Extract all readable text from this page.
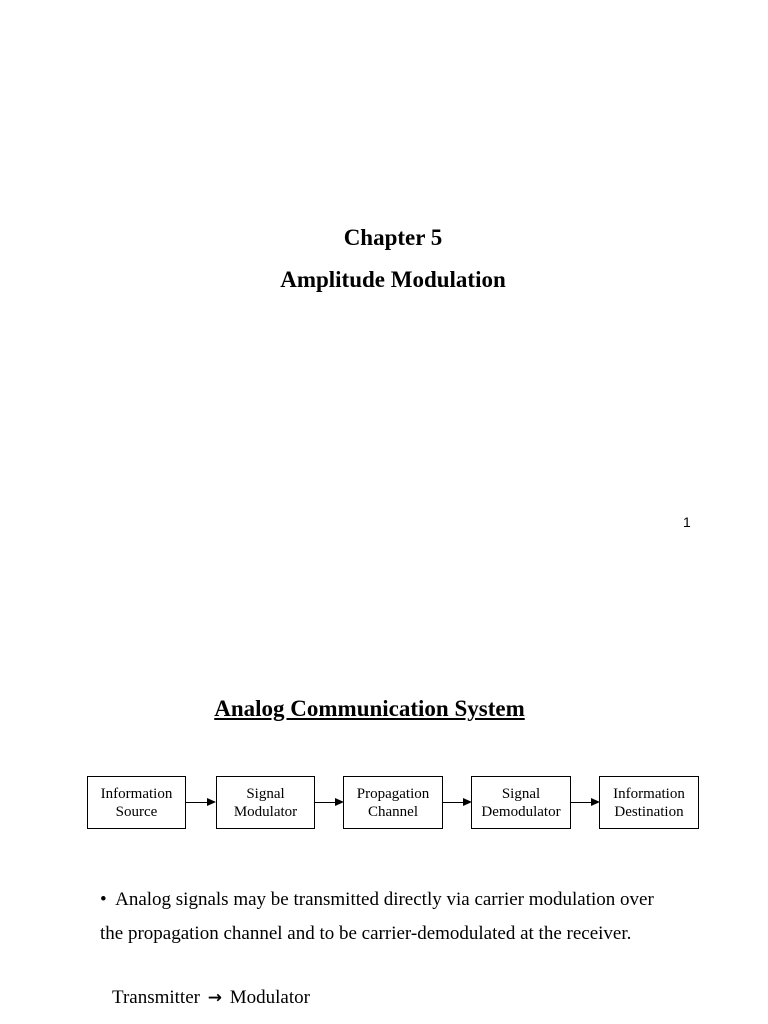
Chapter 5
Amplitude Modulation
1
Analog Communication System
Information
Source
Signal
Modulator
Propagation
Channel
Signal
Demodulator
Information
Destination
• Analog signals may be transmitted directly via carrier modulation over
the propagation channel and to be carrier-demodulated at the receiver.
Transmitter → Modulator
